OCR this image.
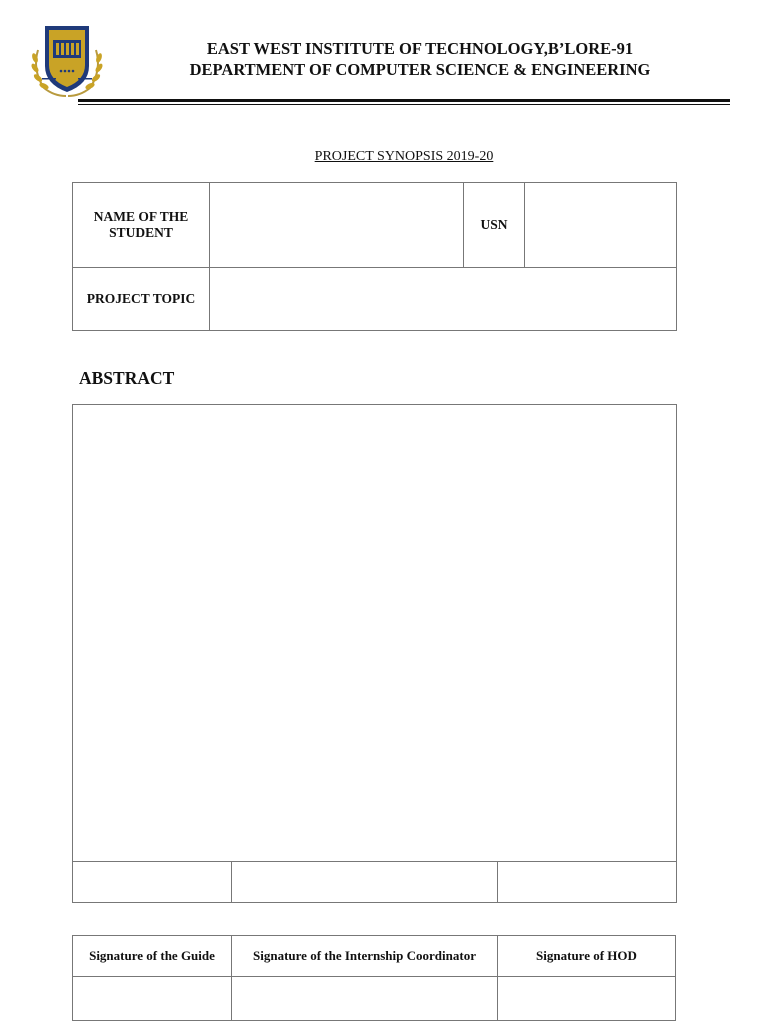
EAST WEST INSTITUTE OF TECHNOLOGY,B’LORE-91
DEPARTMENT OF COMPUTER SCIENCE & ENGINEERING
PROJECT SYNOPSIS 2019-20
NAME OF THE STUDENT		USN	
PROJECT TOPIC			
ABSTRACT

Signature of the Guide	Signature of the Internship Coordinator	Signature of HOD
